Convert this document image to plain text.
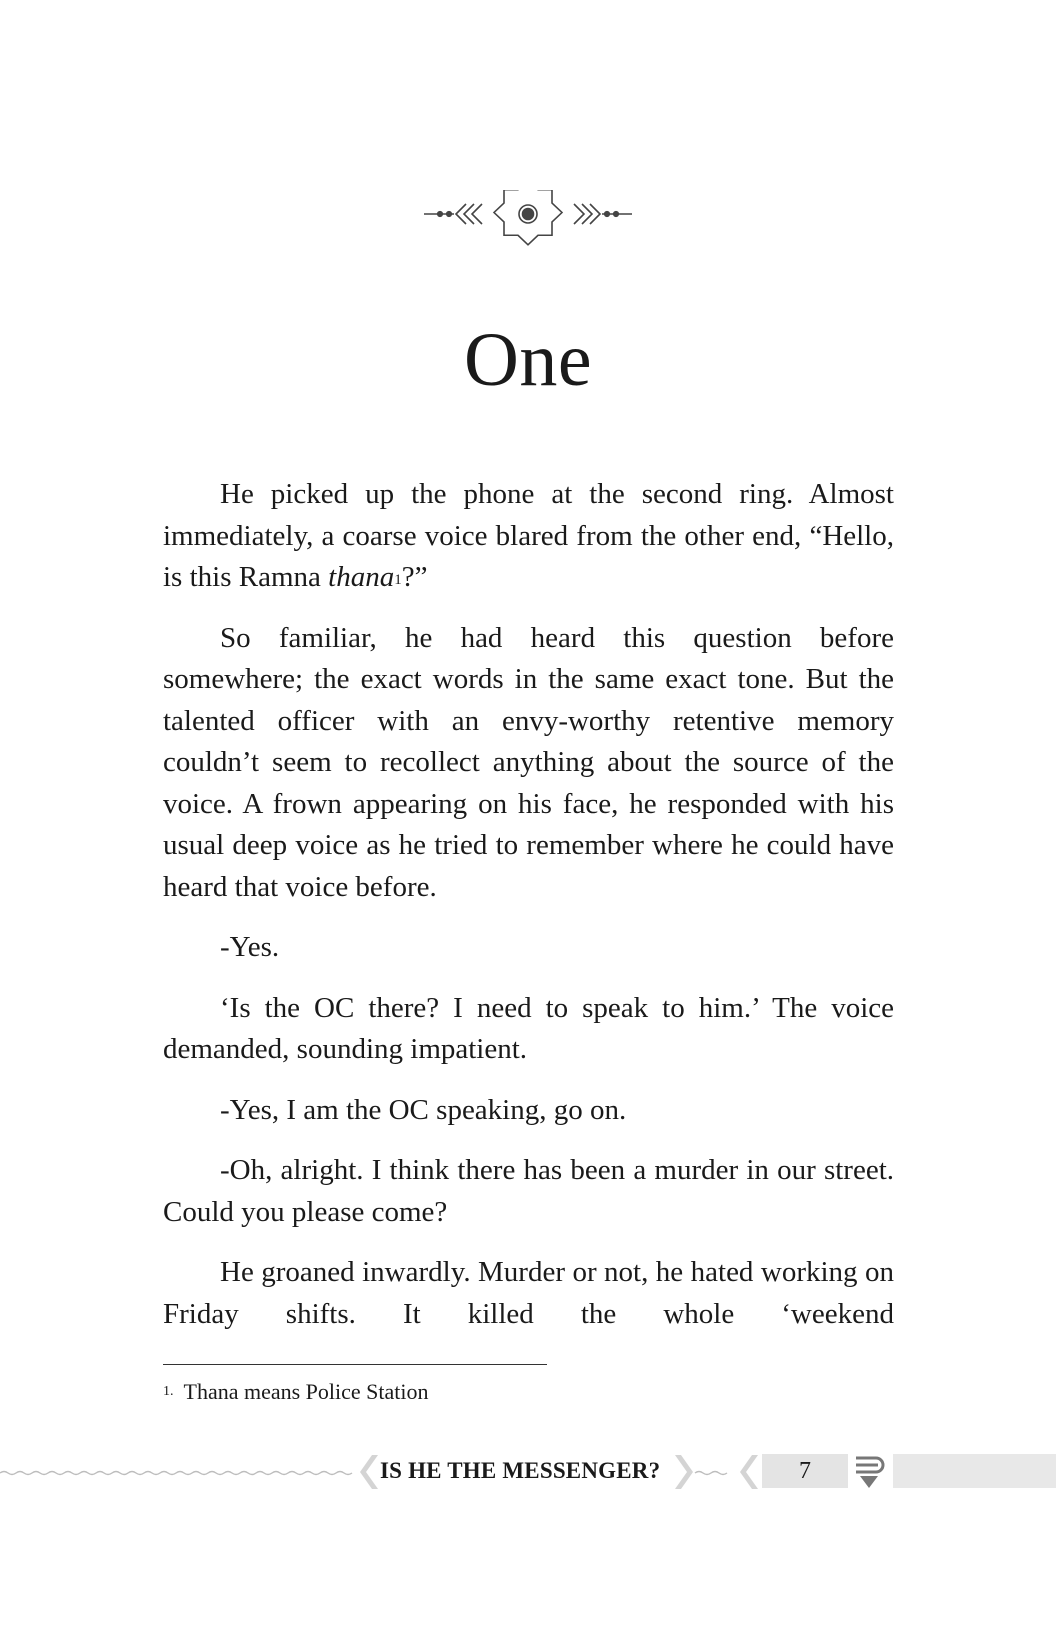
One

He picked up the phone at the second ring. Almost immediately, a coarse voice blared from the other end, “Hello, is this Ramna thana$^1$?”

So familiar, he had heard this question before somewhere; the exact words in the same exact tone. But the talented officer with an envy-worthy retentive memory couldn’t seem to recollect anything about the source of the voice. A frown appearing on his face, he responded with his usual deep voice as he tried to remember where he could have heard that voice before.

-Yes.

‘Is the OC there? I need to speak to him.’ The voice demanded, sounding impatient.

-Yes, I am the OC speaking, go on.

-Oh, alright. I think there has been a murder in our street. Could you please come?

He groaned inwardly. Murder or not, he hated working on Friday shifts. It killed the whole ‘weekend

$^{1.}$ Thana means Police Station
IS HE THE MESSENGER?	7
